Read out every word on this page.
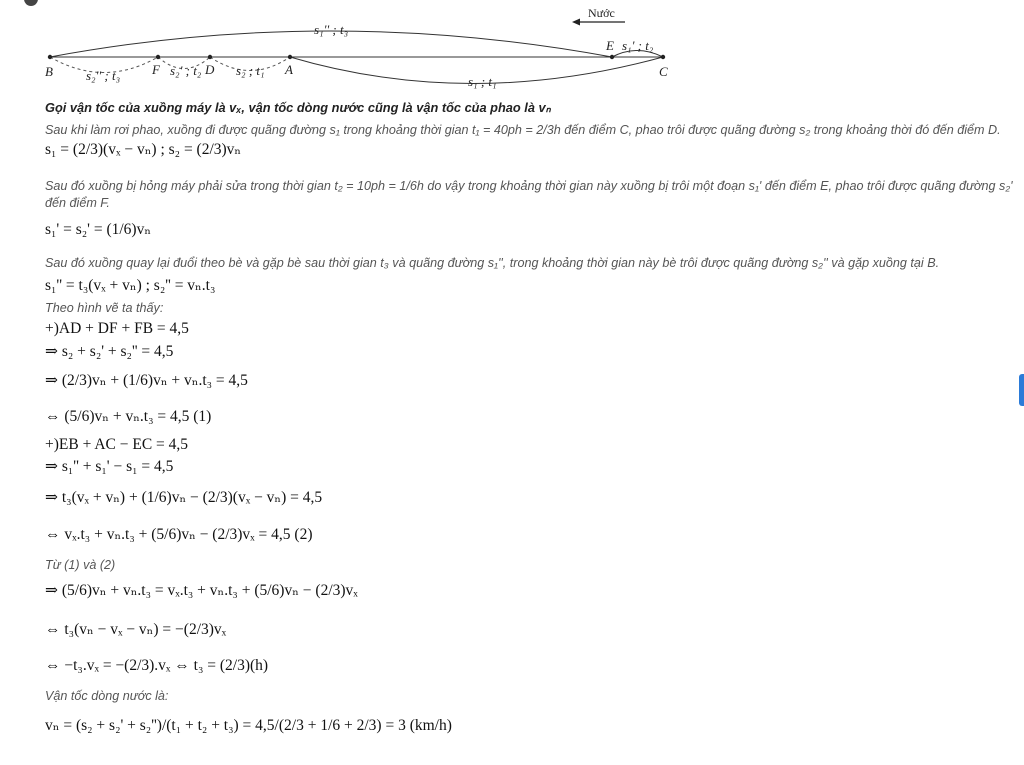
Nước
s₁'' ; t₃
B	F	D	A
E
C
s₂'' ; t₃	s₂' ; t₂	s₂ ; t₁
s₁ ; t₁
s₁' ; t₂
Gọi vận tốc của xuồng máy là vₓ, vận tốc dòng nước cũng là vận tốc của phao là vₙ
Sau khi làm rơi phao, xuồng đi được quãng đường s₁ trong khoảng thời gian t₁ = 40ph = 2/3h đến điểm C, phao trôi được quãng đường s₂ trong khoảng thời đó đến điểm D.
s₁ = (2/3)(vₓ − vₙ) ; s₂ = (2/3)vₙ
Sau đó xuồng bị hỏng máy phải sửa trong thời gian t₂ = 10ph = 1/6h do vậy trong khoảng thời gian này xuồng bị trôi một đoạn s₁' đến điểm E, phao trôi được quãng đường s₂'
đến điểm F.
s₁' = s₂' = (1/6)vₙ
Sau đó xuồng quay lại đuổi theo bè và gặp bè sau thời gian t₃ và quãng đường s₁'', trong khoảng thời gian này bè trôi được quãng đường s₂'' và gặp xuồng tại B.
s₁'' = t₃(vₓ + vₙ) ; s₂'' = vₙ.t₃
Theo hình vẽ ta thấy:
+)AD + DF + FB = 4,5
⇒ s₂ + s₂' + s₂'' = 4,5
⇒ (2/3)vₙ + (1/6)vₙ + vₙ.t₃ = 4,5
⇔ (5/6)vₙ + vₙ.t₃ = 4,5 (1)
+)EB + AC − EC = 4,5
⇒ s₁'' + s₁' − s₁ = 4,5
⇒ t₃(vₓ + vₙ) + (1/6)vₙ − (2/3)(vₓ − vₙ) = 4,5
⇔ vₓ.t₃ + vₙ.t₃ + (5/6)vₙ − (2/3)vₓ = 4,5 (2)
Từ (1) và (2)
⇒ (5/6)vₙ + vₙ.t₃ = vₓ.t₃ + vₙ.t₃ + (5/6)vₙ − (2/3)vₓ
⇔ t₃(vₙ − vₓ − vₙ) = −(2/3)vₓ
⇔ −t₃.vₓ = −(2/3).vₓ ⇔ t₃ = (2/3)(h)
Vận tốc dòng nước là:
vₙ = (s₂ + s₂' + s₂'')/(t₁ + t₂ + t₃) = 4,5/(2/3 + 1/6 + 2/3) = 3 (km/h)
